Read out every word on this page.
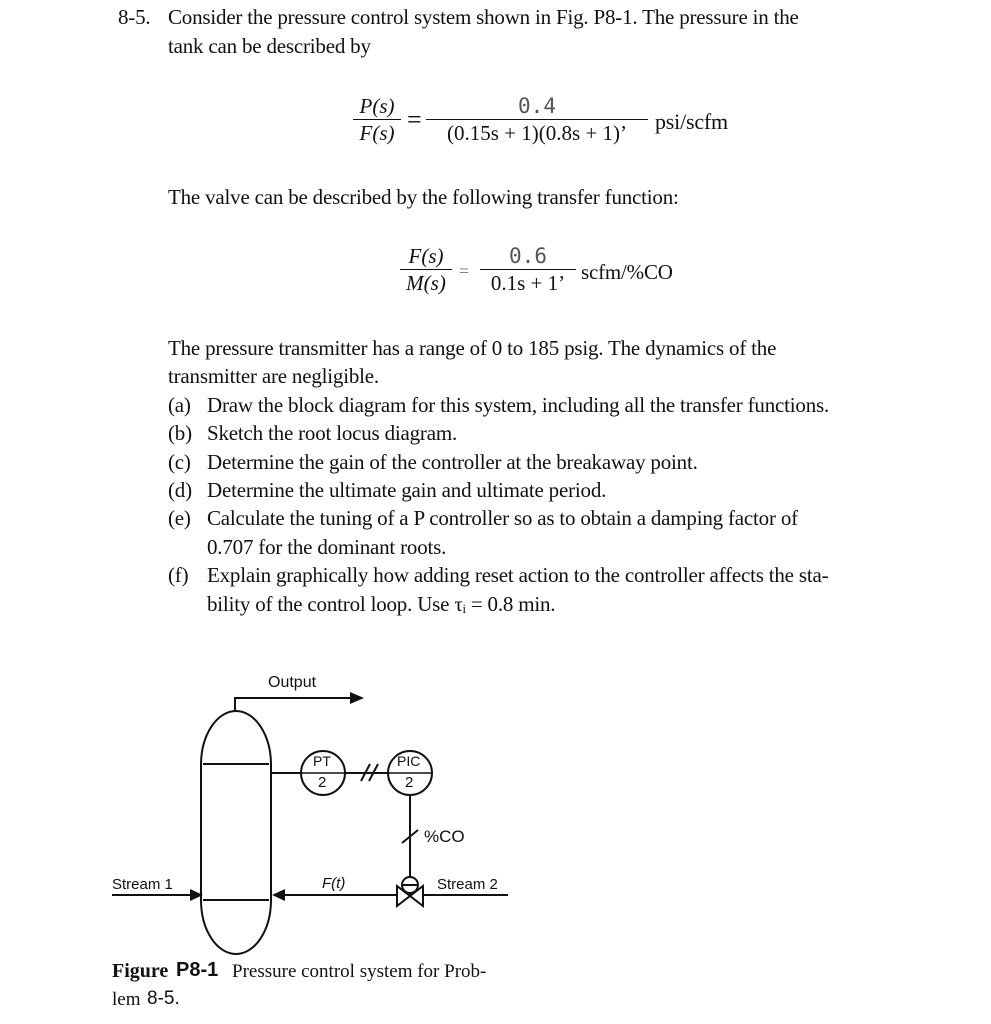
8-5. Consider the pressure control system shown in Fig. P8-1. The pressure in the
tank can be described by
P(s)
F(s) =	0.4
(0.15s + 1)(0.8s + 1)’	psi/scfm
The valve can be described by the following transfer function:
F(s)
M(s) =
0.6
0.1s + 1’ scfm/%CO
The pressure transmitter has a range of 0 to 185 psig. The dynamics of the
transmitter are negligible.
(a) Draw the block diagram for this system, including all the transfer functions.
(b) Sketch the root locus diagram.
(c) Determine the gain of the controller at the breakaway point.
(d) Determine the ultimate gain and ultimate period.
(e) Calculate the tuning of a P controller so as to obtain a damping factor of
0.707 for the dominant roots.
(f) Explain graphically how adding reset action to the controller affects the sta-
bility of the control loop. Use τᵢ = 0.8 min.
Output
PT
2
PIC
2
%CO
Stream 1	Stream 2
F(t)
Figure P8-1 Pressure control system for Prob-
lem 8-5.
